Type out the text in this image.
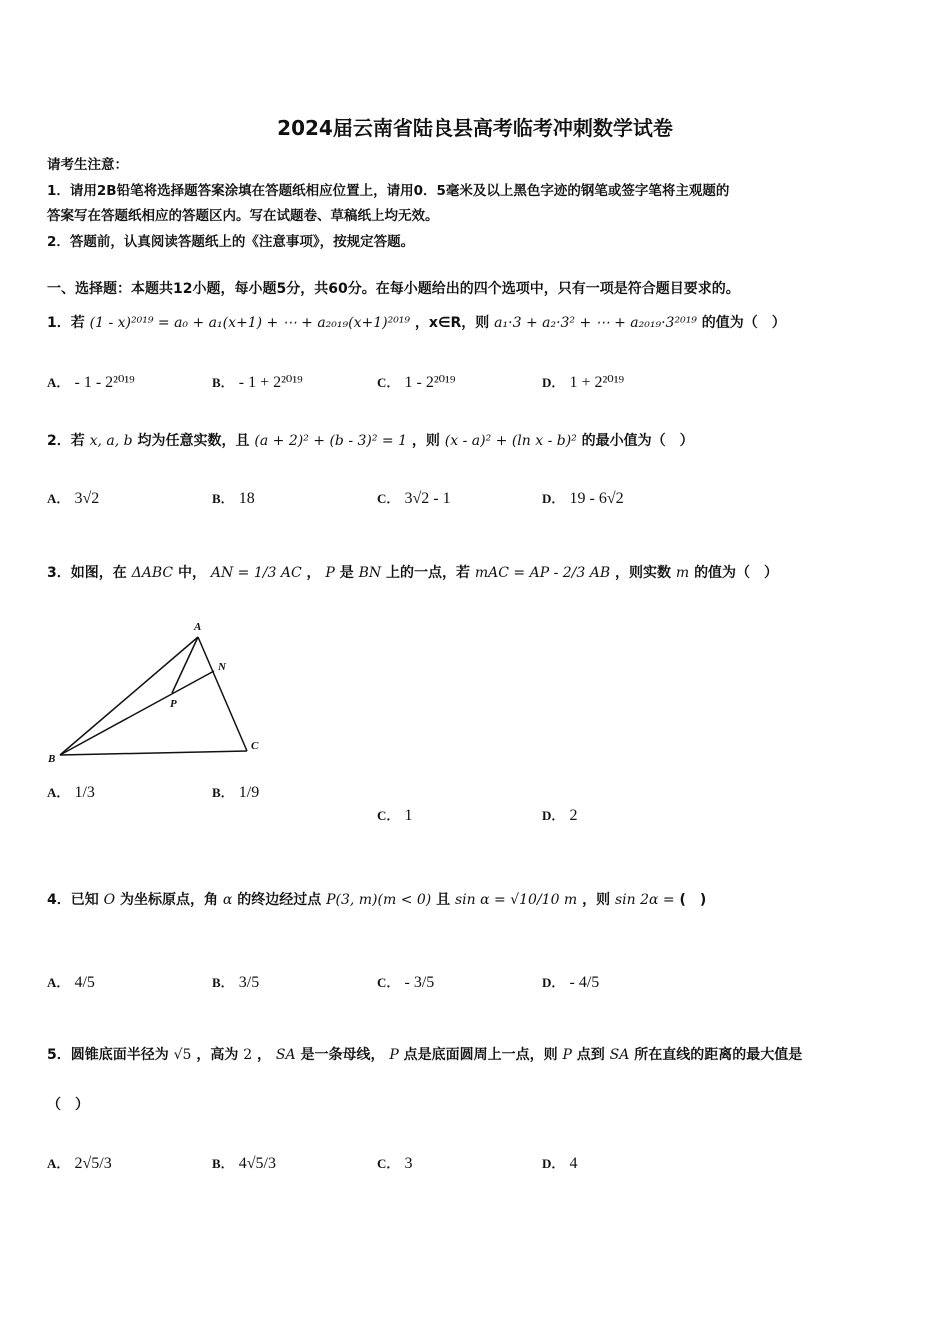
2024届云南省陆良县高考临考冲刺数学试卷
请考生注意：
1．请用2B铅笔将选择题答案涂填在答题纸相应位置上，请用0．5毫米及以上黑色字迹的钢笔或签字笔将主观题的
答案写在答题纸相应的答题区内。写在试题卷、草稿纸上均无效。
2．答题前，认真阅读答题纸上的《注意事项》，按规定答题。
一、选择题：本题共12小题，每小题5分，共60分。在每小题给出的四个选项中，只有一项是符合题目要求的。
1．若 (1 - x)²⁰¹⁹ = a₀ + a₁(x+1) + ⋯ + a₂₀₁₉(x+1)²⁰¹⁹ ，x∈R，则 a₁·3 + a₂·3² + ⋯ + a₂₀₁₉·3²⁰¹⁹ 的值为（　）
A． - 1 - 2²⁰¹⁹	B． - 1 + 2²⁰¹⁹	C． 1 - 2²⁰¹⁹	D． 1 + 2²⁰¹⁹
2．若 x, a, b 均为任意实数，且 (a + 2)² + (b - 3)² = 1 ，则 (x - a)² + (ln x - b)² 的最小值为（　）
A． 3√2	B． 18	C． 3√2 - 1	D． 19 - 6√2
3．如图，在 ΔABC 中， AN = 1/3 AC ， P 是 BN 上的一点，若 mAC = AP - 2/3 AB ，则实数 m 的值为（　）
A
N
P
B
C
A． 1/3	B． 1/9
C． 1	D． 2
4．已知 O 为坐标原点，角 α 的终边经过点 P(3, m)(m < 0) 且 sin α = √10/10 m ，则 sin 2α = (　)
A． 4/5	B． 3/5	C． - 3/5	D． - 4/5
5．圆锥底面半径为 √5 ，高为 2 ， SA 是一条母线， P 点是底面圆周上一点，则 P 点到 SA 所在直线的距离的最大值是
（　）
A． 2√5/3	B． 4√5/3	C． 3	D． 4
